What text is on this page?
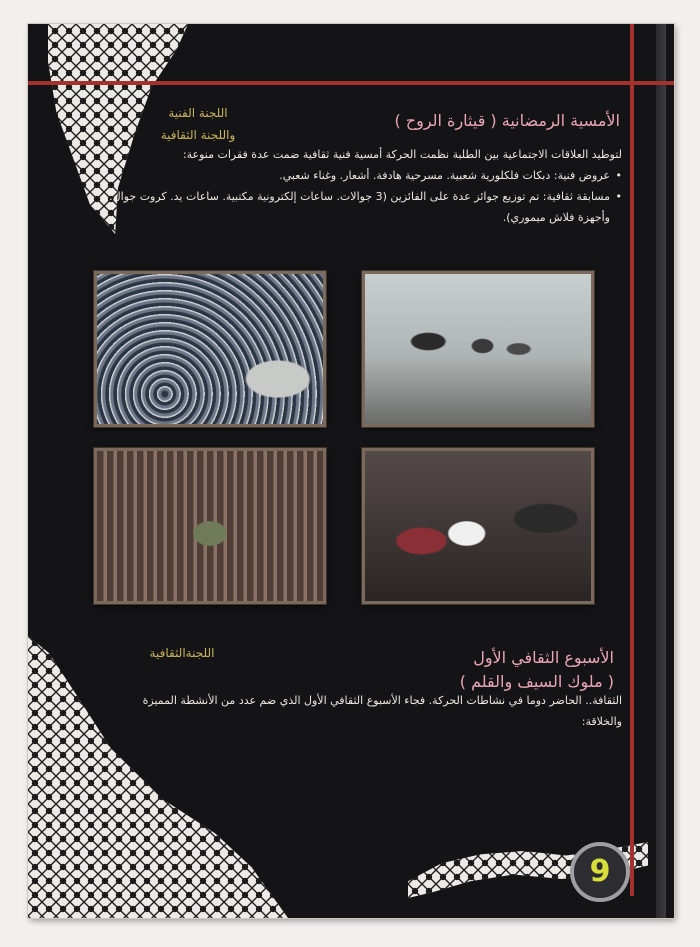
اللجنة الفنية
واللجنة الثقافية
الأمسية الرمضانية ( قيثارة الروح )
لتوطيد العلاقات الاجتماعية بين الطلبة نظمت الحركة أمسية فنية ثقافية ضمت عدة فقرات منوعة:
• عروض فنية: دبكات فلكلورية شعبية. مسرحية هادفة. أشعار. وغناء شعبي.
• مسابقة ثقافية: تم توزيع جوائز عدة على الفائزين (3 جوالات. ساعات إلكترونية مكتبية. ساعات يد. كروت جوال. وأجهزة فلاش ميموري).
اللجنةالثقافية	الأسبوع الثقافي الأول
( ملوك السيف والقلم )
الثقافة.. الحاضر دوما في نشاطات الحركة. فجاء الأسبوع الثقافي الأول الذي ضم عدد من الأنشطة المميزة والخلاقة:
9
